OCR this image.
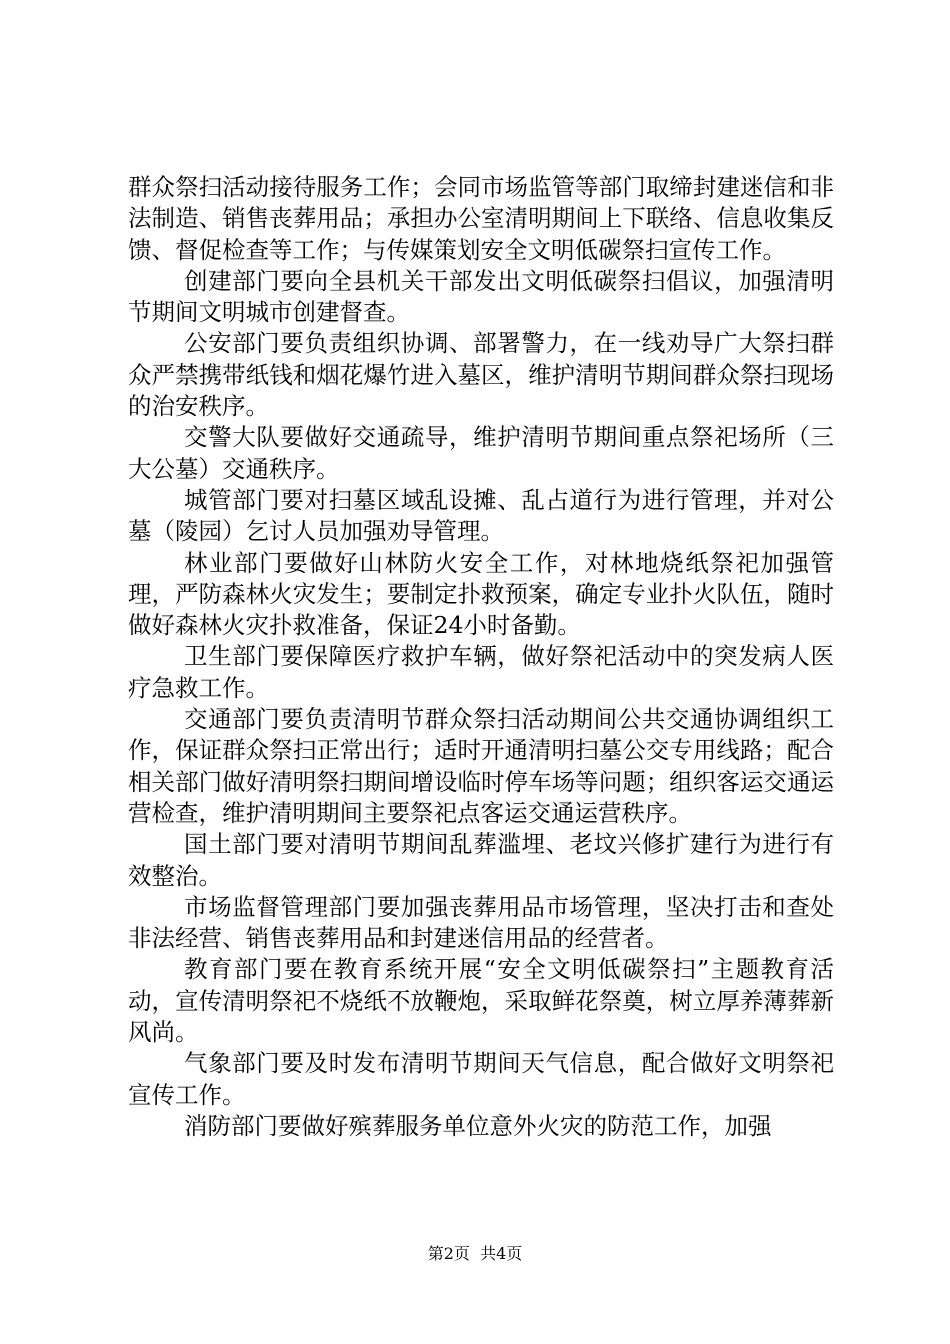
群众祭扫活动接待服务工作；会同市场监管等部门取缔封建迷信和非法制造、销售丧葬用品；承担办公室清明期间上下联络、信息收集反馈、督促检查等工作；与传媒策划安全文明低碳祭扫宣传工作。

创建部门要向全县机关干部发出文明低碳祭扫倡议，加强清明节期间文明城市创建督查。

公安部门要负责组织协调、部署警力，在一线劝导广大祭扫群众严禁携带纸钱和烟花爆竹进入墓区，维护清明节期间群众祭扫现场的治安秩序。

交警大队要做好交通疏导，维护清明节期间重点祭祀场所（三大公墓）交通秩序。

城管部门要对扫墓区域乱设摊、乱占道行为进行管理，并对公墓（陵园）乞讨人员加强劝导管理。

林业部门要做好山林防火安全工作，对林地烧纸祭祀加强管理，严防森林火灾发生；要制定扑救预案，确定专业扑火队伍，随时做好森林火灾扑救准备，保证24小时备勤。

卫生部门要保障医疗救护车辆，做好祭祀活动中的突发病人医疗急救工作。

交通部门要负责清明节群众祭扫活动期间公共交通协调组织工作，保证群众祭扫正常出行；适时开通清明扫墓公交专用线路；配合相关部门做好清明祭扫期间增设临时停车场等问题；组织客运交通运营检查，维护清明期间主要祭祀点客运交通运营秩序。

国土部门要对清明节期间乱葬滥埋、老坟兴修扩建行为进行有效整治。

市场监督管理部门要加强丧葬用品市场管理，坚决打击和查处非法经营、销售丧葬用品和封建迷信用品的经营者。

教育部门要在教育系统开展“安全文明低碳祭扫”主题教育活动，宣传清明祭祀不烧纸不放鞭炮，采取鲜花祭奠，树立厚养薄葬新风尚。

气象部门要及时发布清明节期间天气信息，配合做好文明祭祀宣传工作。

消防部门要做好殡葬服务单位意外火灾的防范工作，加强

第2页 共4页
